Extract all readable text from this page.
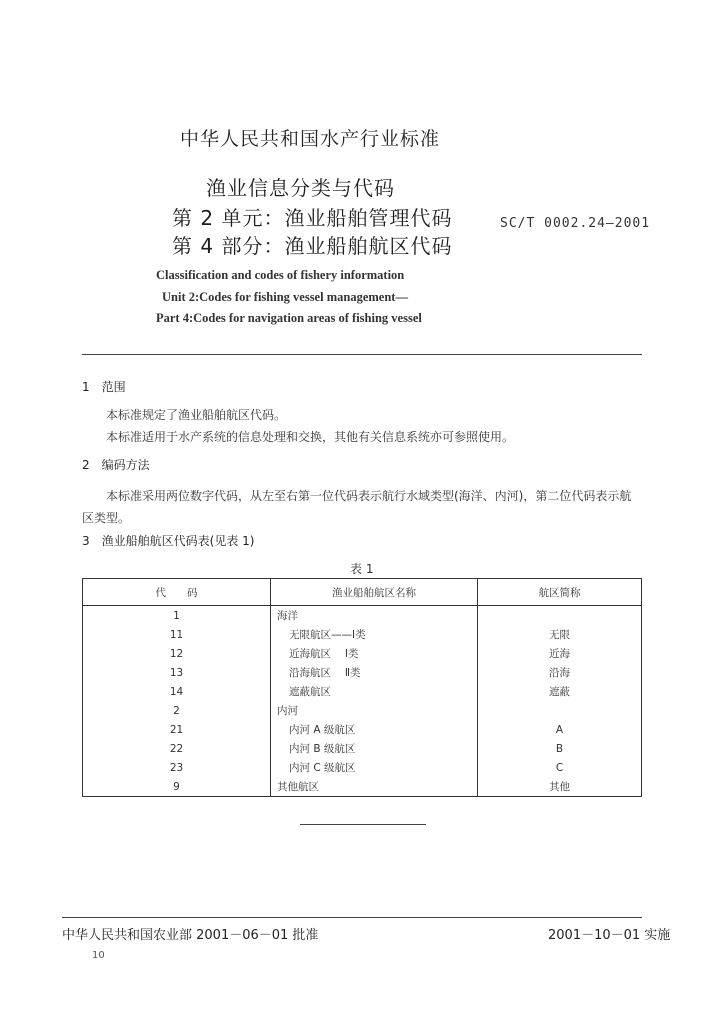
中华人民共和国水产行业标准
渔业信息分类与代码
第 2 单元：渔业船舶管理代码
第 4 部分：渔业船舶航区代码
SC/T 0002.24—2001
Classification and codes of fishery information
Unit 2:Codes for fishing vessel management—
Part 4:Codes for navigation areas of fishing vessel
1　范围
本标准规定了渔业船舶航区代码。
本标准适用于水产系统的信息处理和交换，其他有关信息系统亦可参照使用。
2　编码方法
本标准采用两位数字代码，从左至右第一位代码表示航行水域类型(海洋、内河)，第二位代码表示航区类型。
3　渔业船舶航区代码表(见表 1)
表 1
代　　码	渔业船舶航区名称	航区简称
1	海洋	
11	无限航区——Ⅰ类	无限
12	近海航区　 Ⅰ类	近海
13	沿海航区　 Ⅱ类	沿海
14	遮蔽航区	遮蔽
2	内河	
21	内河 A 级航区	A
22	内河 B 级航区	B
23	内河 C 级航区	C
9	其他航区	其他
中华人民共和国农业部 2001－06－01 批准	2001－10－01 实施
10
